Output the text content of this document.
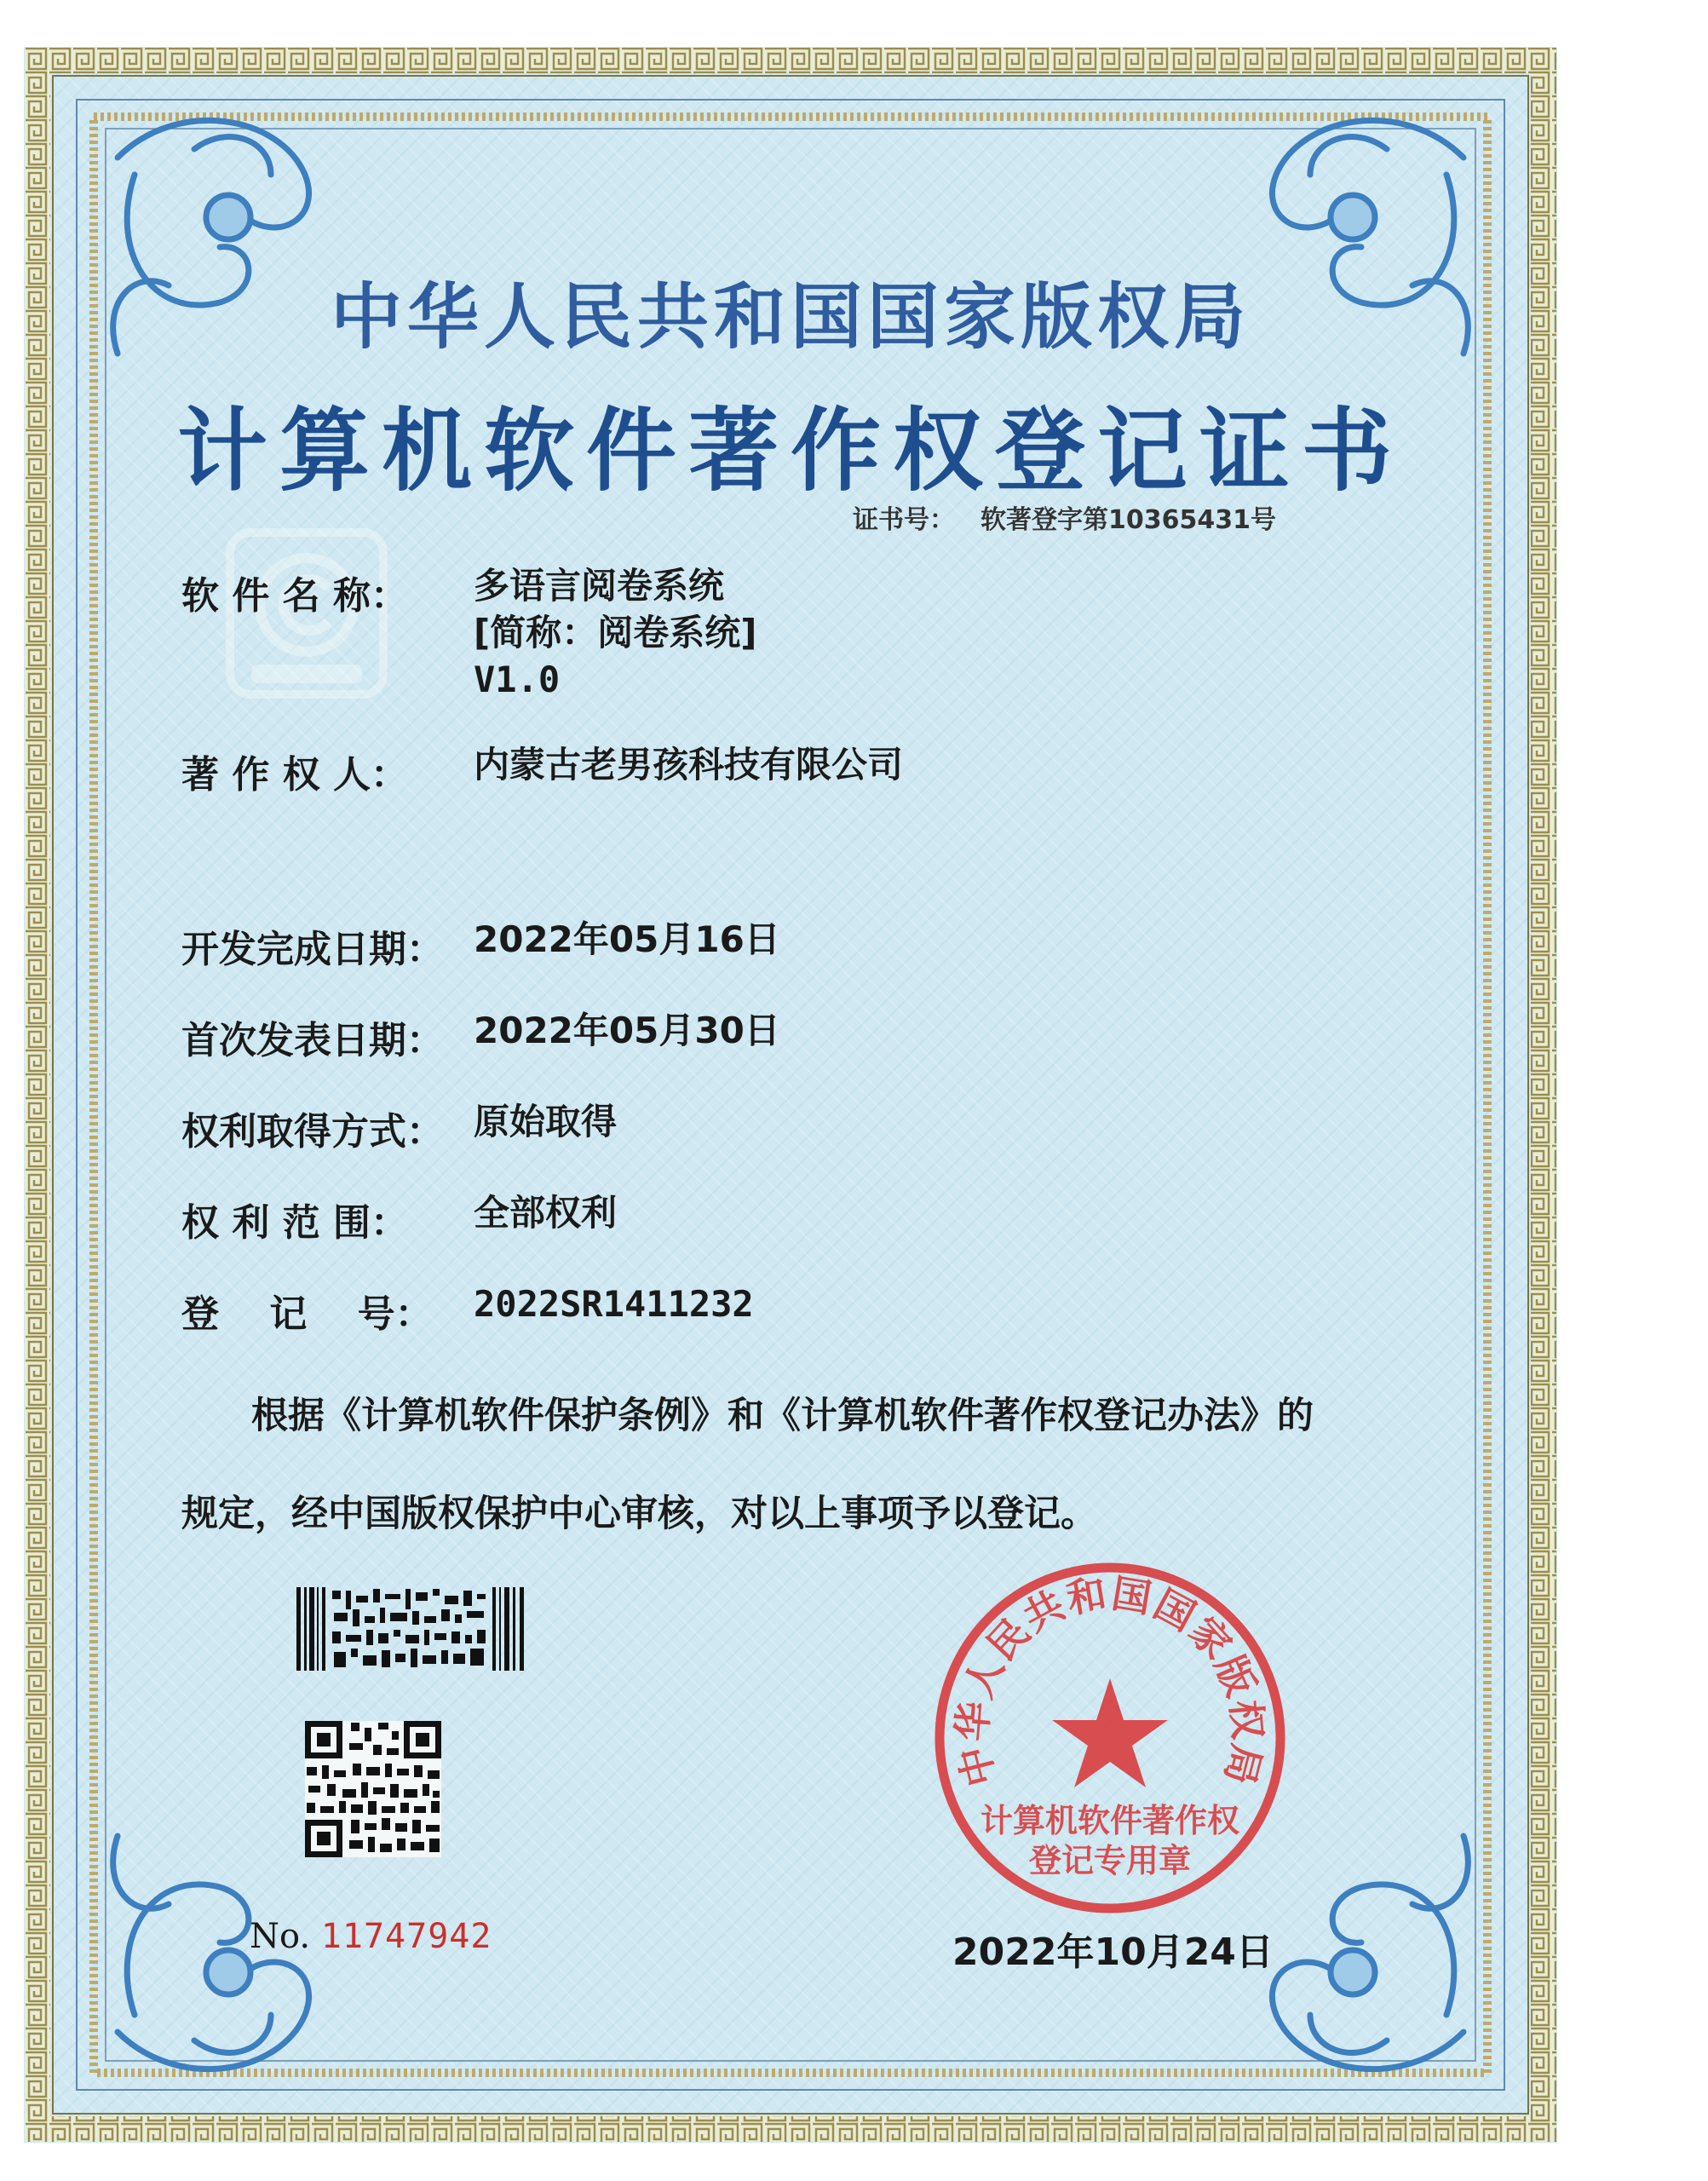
中华人民共和国国家版权局
计算机软件著作权登记证书
证书号： 软著登字第10365431号
软 件 名 称： 多语言阅卷系统
[简称：阅卷系统]
V1.0
著 作 权 人： 内蒙古老男孩科技有限公司
开发完成日期： 2022年05月16日
首次发表日期： 2022年05月30日
权利取得方式： 原始取得
权 利 范 围： 全部权利
登　 记　 号： 2022SR1411232
根据《计算机软件保护条例》和《计算机软件著作权登记办法》的
规定，经中国版权保护中心审核，对以上事项予以登记。
No. 11747942
中华人民共和国国家版权局
计算机软件著作权
登记专用章
2022年10月24日
